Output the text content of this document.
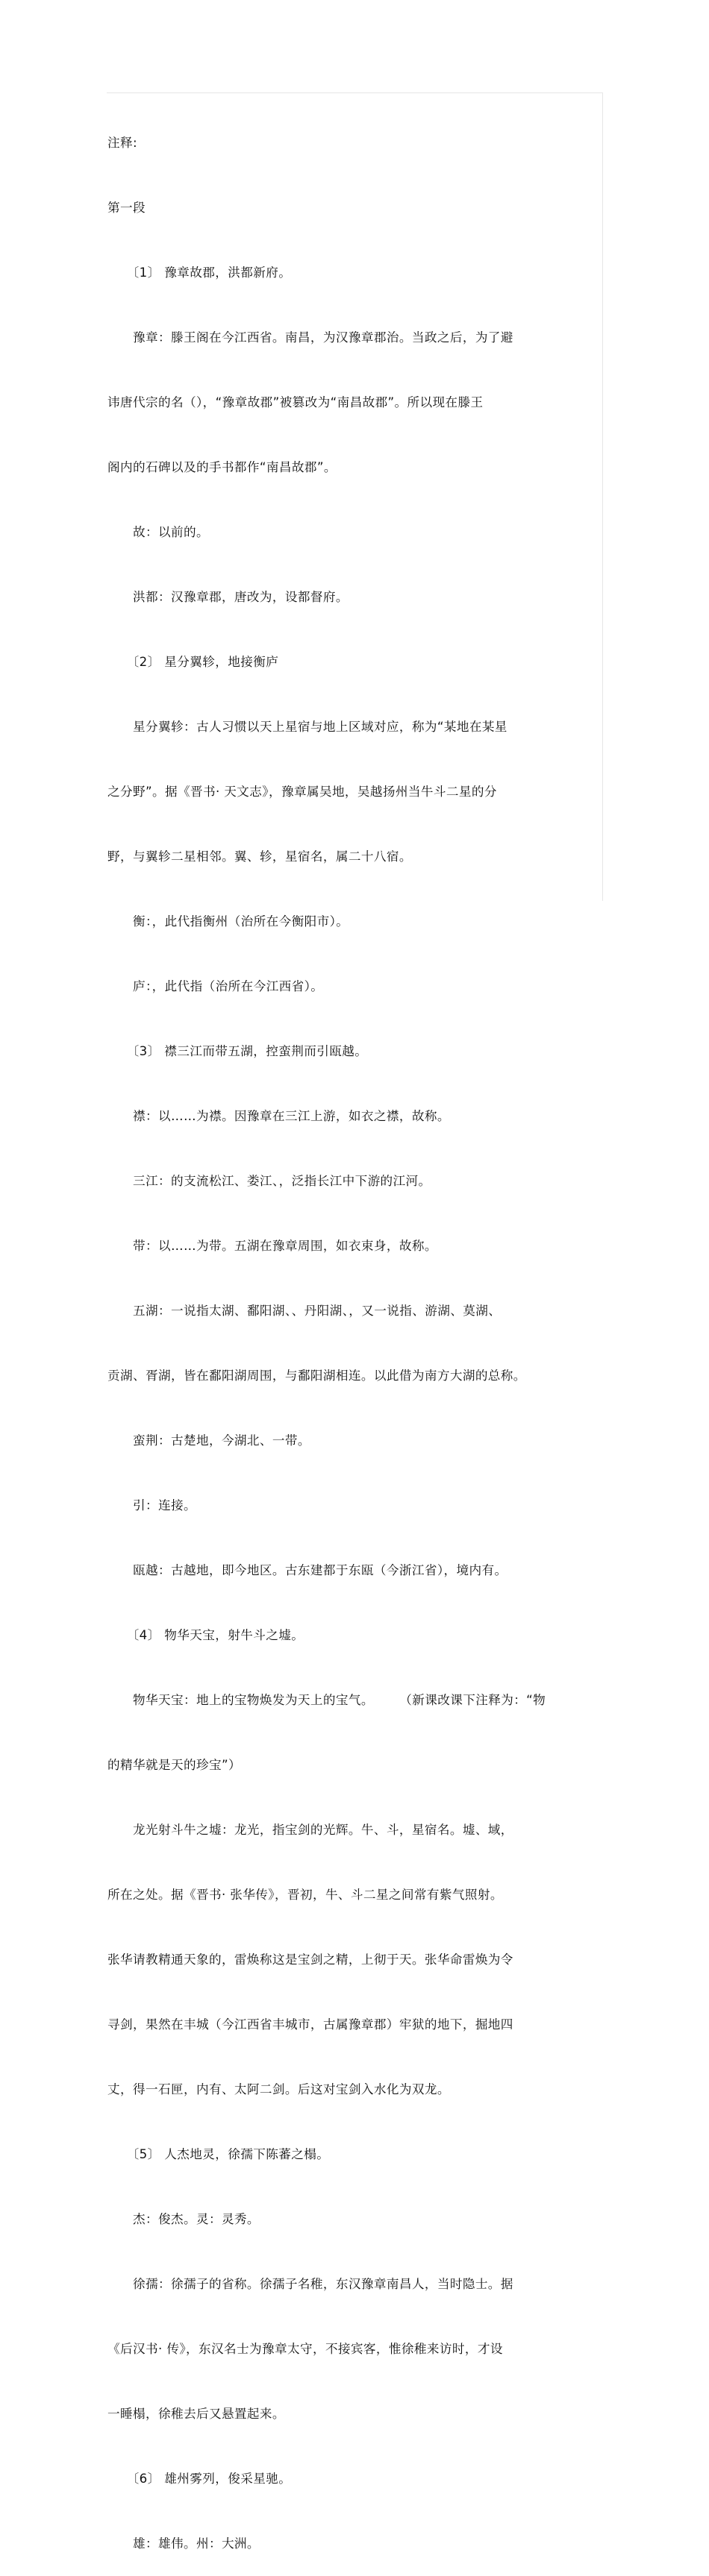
注释:

第一段

　　〔1〕 豫章故郡，洪都新府。

　　豫章：滕王阁在今江西省。南昌，为汉豫章郡治。当政之后，为了避

讳唐代宗的名（），“豫章故郡”被篡改为“南昌故郡”。所以现在滕王

阁内的石碑以及的手书都作“南昌故郡”。

　　故：以前的。

　　洪都：汉豫章郡，唐改为，设都督府。

　　〔2〕 星分翼轸，地接衡庐

　　星分翼轸：古人习惯以天上星宿与地上区域对应，称为“某地在某星

之分野”。据《晋书· 天文志》，豫章属吴地，吴越扬州当牛斗二星的分

野，与翼轸二星相邻。翼、轸，星宿名，属二十八宿。

　　衡：，此代指衡州（治所在今衡阳市）。

　　庐：，此代指（治所在今江西省）。

　　〔3〕 襟三江而带五湖，控蛮荆而引瓯越。

　　襟：以……为襟。因豫章在三江上游，如衣之襟，故称。

　　三江：的支流松江、娄江、，泛指长江中下游的江河。

　　带：以……为带。五湖在豫章周围，如衣束身，故称。

　　五湖：一说指太湖、鄱阳湖、、丹阳湖、，又一说指、游湖、莫湖、

贡湖、胥湖，皆在鄱阳湖周围，与鄱阳湖相连。以此借为南方大湖的总称。

　　蛮荆：古楚地，今湖北、一带。

　　引：连接。

　　瓯越：古越地，即今地区。古东建都于东瓯（今浙江省），境内有。

　　〔4〕 物华天宝，射牛斗之墟。

　　物华天宝：地上的宝物焕发为天上的宝气。　　　（新课改课下注释为：“物

的精华就是天的珍宝”）

　　龙光射斗牛之墟：龙光，指宝剑的光辉。牛、斗，星宿名。墟、域，

所在之处。据《晋书· 张华传》，晋初，牛、斗二星之间常有紫气照射。

张华请教精通天象的，雷焕称这是宝剑之精，上彻于天。张华命雷焕为令

寻剑，果然在丰城（今江西省丰城市，古属豫章郡）牢狱的地下，掘地四

丈，得一石匣，内有、太阿二剑。后这对宝剑入水化为双龙。

　　〔5〕 人杰地灵，徐孺下陈蕃之榻。

　　杰：俊杰。灵：灵秀。

　　徐孺：徐孺子的省称。徐孺子名稚，东汉豫章南昌人，当时隐士。据

《后汉书· 传》，东汉名士为豫章太守，不接宾客，惟徐稚来访时，才设

一睡榻，徐稚去后又悬置起来。

　　〔6〕 雄州雾列，俊采星驰。

　　雄：雄伟。州：大洲。
